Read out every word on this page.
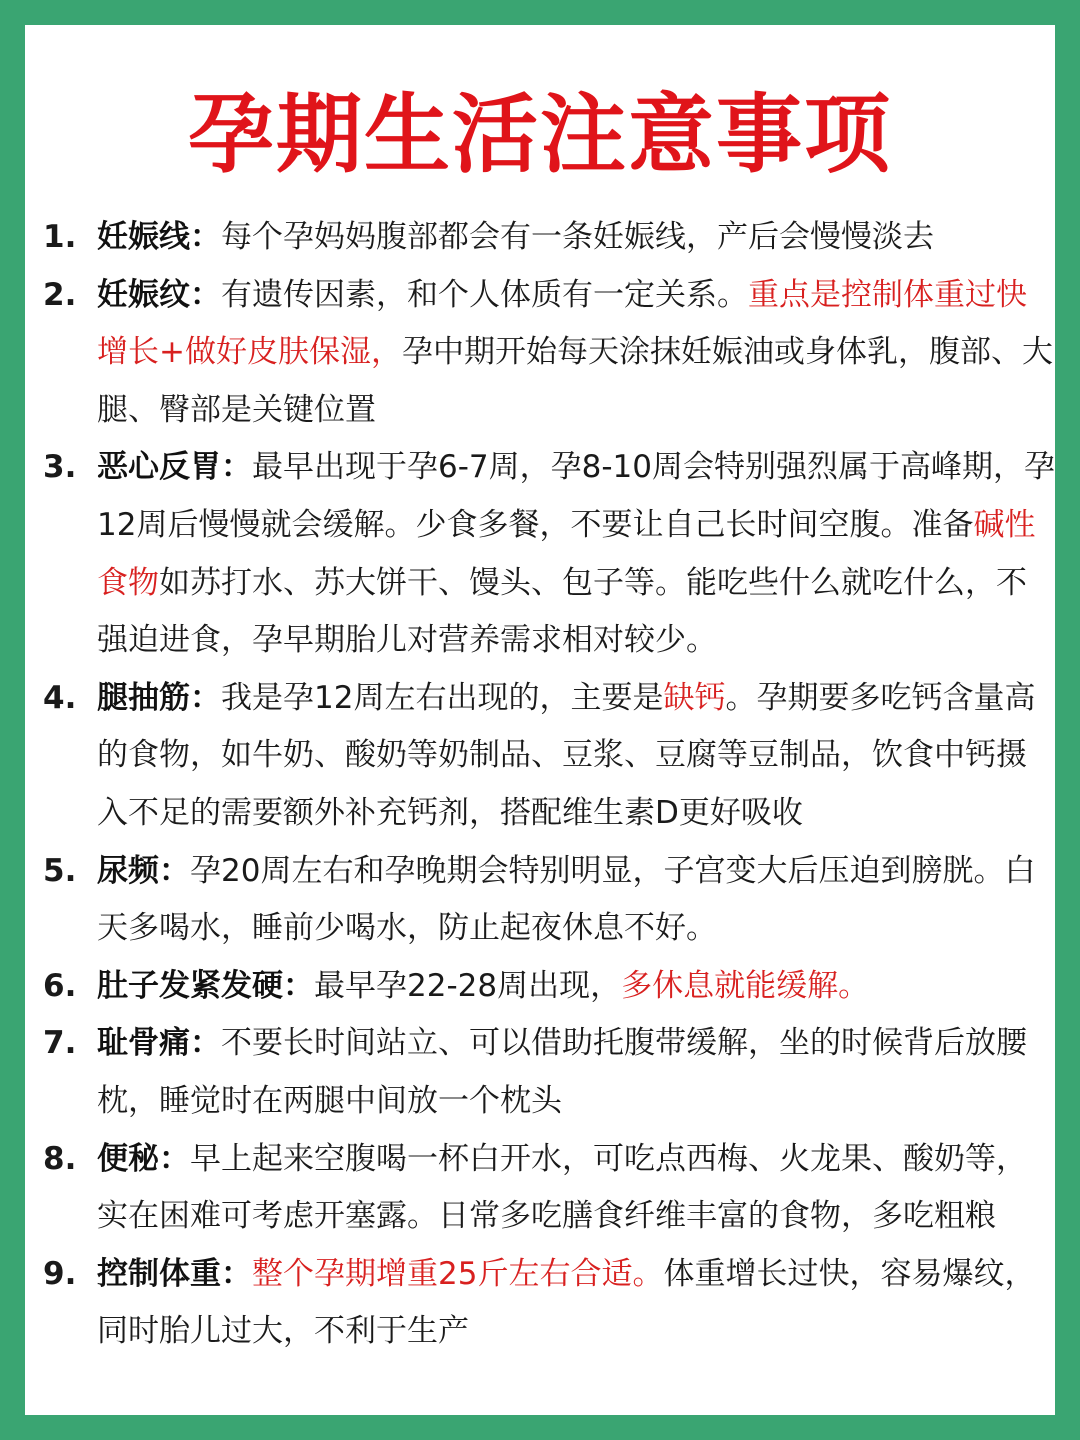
孕期生活注意事项
1. 妊娠线：每个孕妈妈腹部都会有一条妊娠线，产后会慢慢淡去
2. 妊娠纹：有遗传因素，和个人体质有一定关系。重点是控制体重过快增长+做好皮肤保湿，孕中期开始每天涂抹妊娠油或身体乳，腹部、大腿、臀部是关键位置
3. 恶心反胃：最早出现于孕6-7周，孕8-10周会特别强烈属于高峰期，孕12周后慢慢就会缓解。少食多餐，不要让自己长时间空腹。准备碱性食物如苏打水、苏大饼干、馒头、包子等。能吃些什么就吃什么，不强迫进食，孕早期胎儿对营养需求相对较少。
4. 腿抽筋：我是孕12周左右出现的，主要是缺钙。孕期要多吃钙含量高的食物，如牛奶、酸奶等奶制品、豆浆、豆腐等豆制品，饮食中钙摄入不足的需要额外补充钙剂，搭配维生素D更好吸收
5. 尿频：孕20周左右和孕晚期会特别明显，子宫变大后压迫到膀胱。白天多喝水，睡前少喝水，防止起夜休息不好。
6. 肚子发紧发硬：最早孕22-28周出现，多休息就能缓解。
7. 耻骨痛：不要长时间站立、可以借助托腹带缓解，坐的时候背后放腰枕，睡觉时在两腿中间放一个枕头
8. 便秘：早上起来空腹喝一杯白开水，可吃点西梅、火龙果、酸奶等，实在困难可考虑开塞露。日常多吃膳食纤维丰富的食物，多吃粗粮
9. 控制体重：整个孕期增重25斤左右合适。体重增长过快，容易爆纹，同时胎儿过大，不利于生产
